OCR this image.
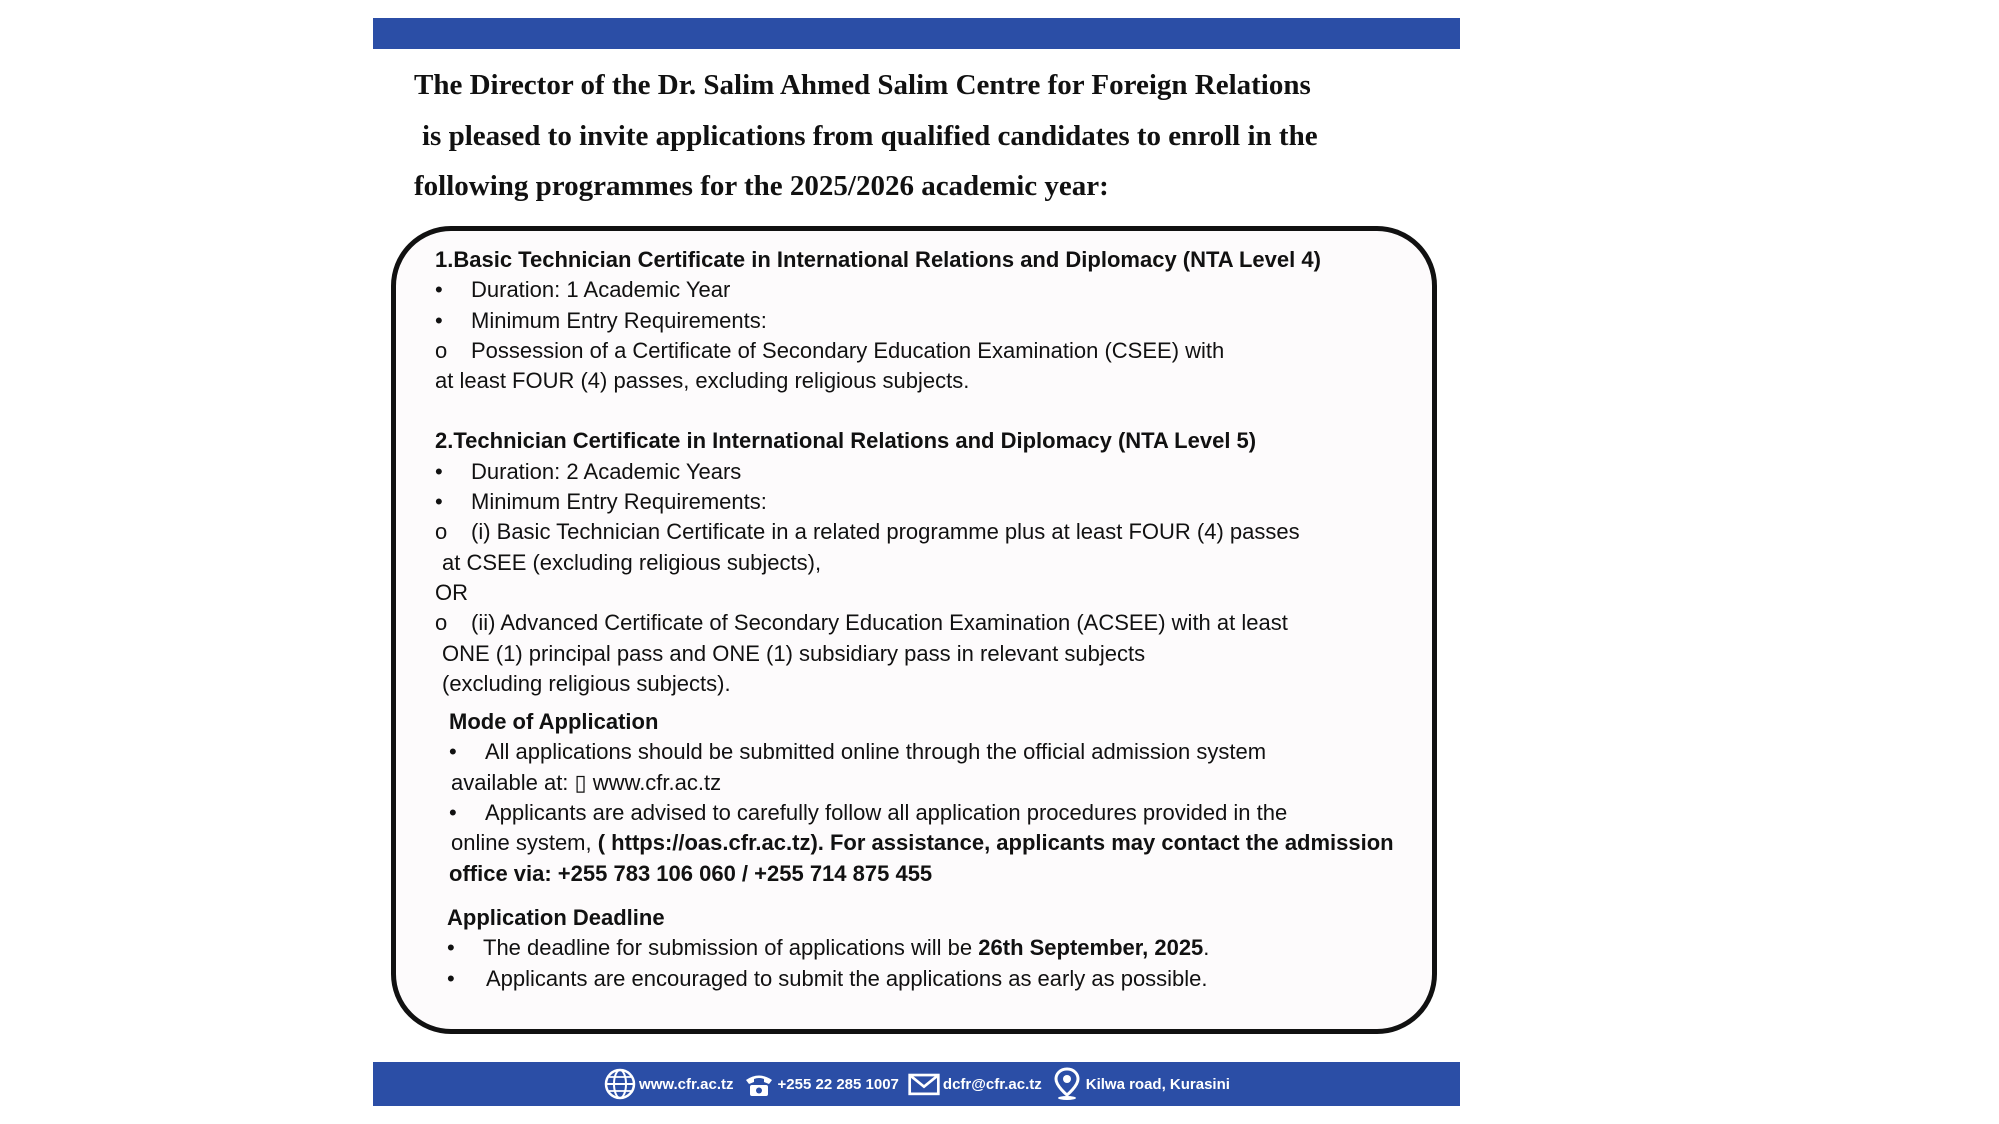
The Director of the Dr. Salim Ahmed Salim Centre for Foreign Relations
is pleased to invite applications from qualified candidates to enroll in the
following programmes for the 2025/2026 academic year:
1.Basic Technician Certificate in International Relations and Diplomacy (NTA Level 4)
• Duration: 1 Academic Year
• Minimum Entry Requirements:
o Possession of a Certificate of Secondary Education Examination (CSEE) with
at least FOUR (4) passes, excluding religious subjects.
2.Technician Certificate in International Relations and Diplomacy (NTA Level 5)
• Duration: 2 Academic Years
• Minimum Entry Requirements:
o (i) Basic Technician Certificate in a related programme plus at least FOUR (4) passes
at CSEE (excluding religious subjects),
OR
o (ii) Advanced Certificate of Secondary Education Examination (ACSEE) with at least
ONE (1) principal pass and ONE (1) subsidiary pass in relevant subjects
(excluding religious subjects).
Mode of Application
• All applications should be submitted online through the official admission system
available at: ▯ www.cfr.ac.tz
• Applicants are advised to carefully follow all application procedures provided in the
online system, ( https://oas.cfr.ac.tz). For assistance, applicants may contact the admission
office via: +255 783 106 060 / +255 714 875 455
Application Deadline
• The deadline for submission of applications will be 26th September, 2025.
• Applicants are encouraged to submit the applications as early as possible.
www.cfr.ac.tz	+255 22 285 1007	dcfr@cfr.ac.tz	Kilwa road, Kurasini
